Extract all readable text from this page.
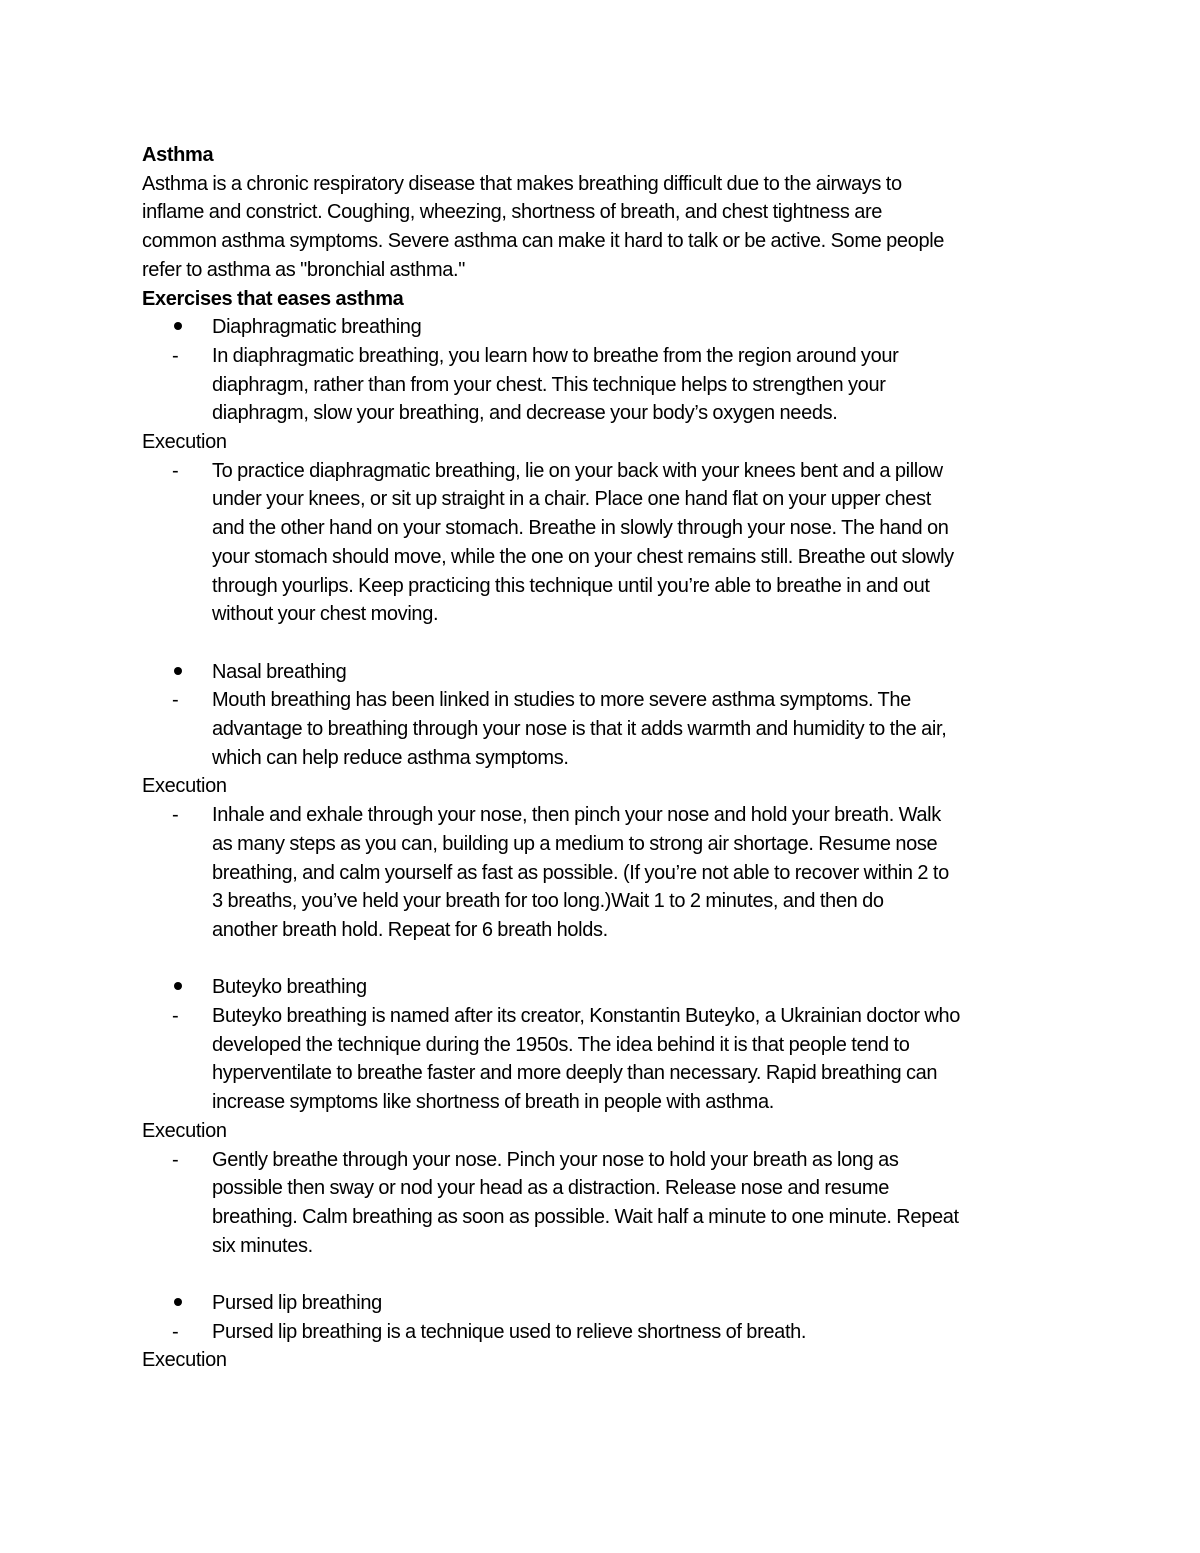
Asthma
Asthma is a chronic respiratory disease that makes breathing difficult due to the airways to
inflame and constrict. Coughing, wheezing, shortness of breath, and chest tightness are
common asthma symptoms. Severe asthma can make it hard to talk or be active. Some people
refer to asthma as "bronchial asthma."
Exercises that eases asthma
Diaphragmatic breathing
-	In diaphragmatic breathing, you learn how to breathe from the region around your
diaphragm, rather than from your chest. This technique helps to strengthen your
diaphragm, slow your breathing, and decrease your body’s oxygen needs.
Execution
-	To practice diaphragmatic breathing, lie on your back with your knees bent and a pillow
under your knees, or sit up straight in a chair. Place one hand flat on your upper chest
and the other hand on your stomach. Breathe in slowly through your nose. The hand on
your stomach should move, while the one on your chest remains still. Breathe out slowly
through yourlips. Keep practicing this technique until you’re able to breathe in and out
without your chest moving.
Nasal breathing
-	Mouth breathing has been linked in studies to more severe asthma symptoms. The
advantage to breathing through your nose is that it adds warmth and humidity to the air,
which can help reduce asthma symptoms.
Execution
-	Inhale and exhale through your nose, then pinch your nose and hold your breath. Walk
as many steps as you can, building up a medium to strong air shortage. Resume nose
breathing, and calm yourself as fast as possible. (If you’re not able to recover within 2 to
3 breaths, you’ve held your breath for too long.)Wait 1 to 2 minutes, and then do
another breath hold. Repeat for 6 breath holds.
Buteyko breathing
-	Buteyko breathing is named after its creator, Konstantin Buteyko, a Ukrainian doctor who
developed the technique during the 1950s. The idea behind it is that people tend to
hyperventilate to breathe faster and more deeply than necessary. Rapid breathing can
increase symptoms like shortness of breath in people with asthma.
Execution
-	Gently breathe through your nose. Pinch your nose to hold your breath as long as
possible then sway or nod your head as a distraction. Release nose and resume
breathing. Calm breathing as soon as possible. Wait half a minute to one minute. Repeat
six minutes.
Pursed lip breathing
-	Pursed lip breathing is a technique used to relieve shortness of breath.
Execution
